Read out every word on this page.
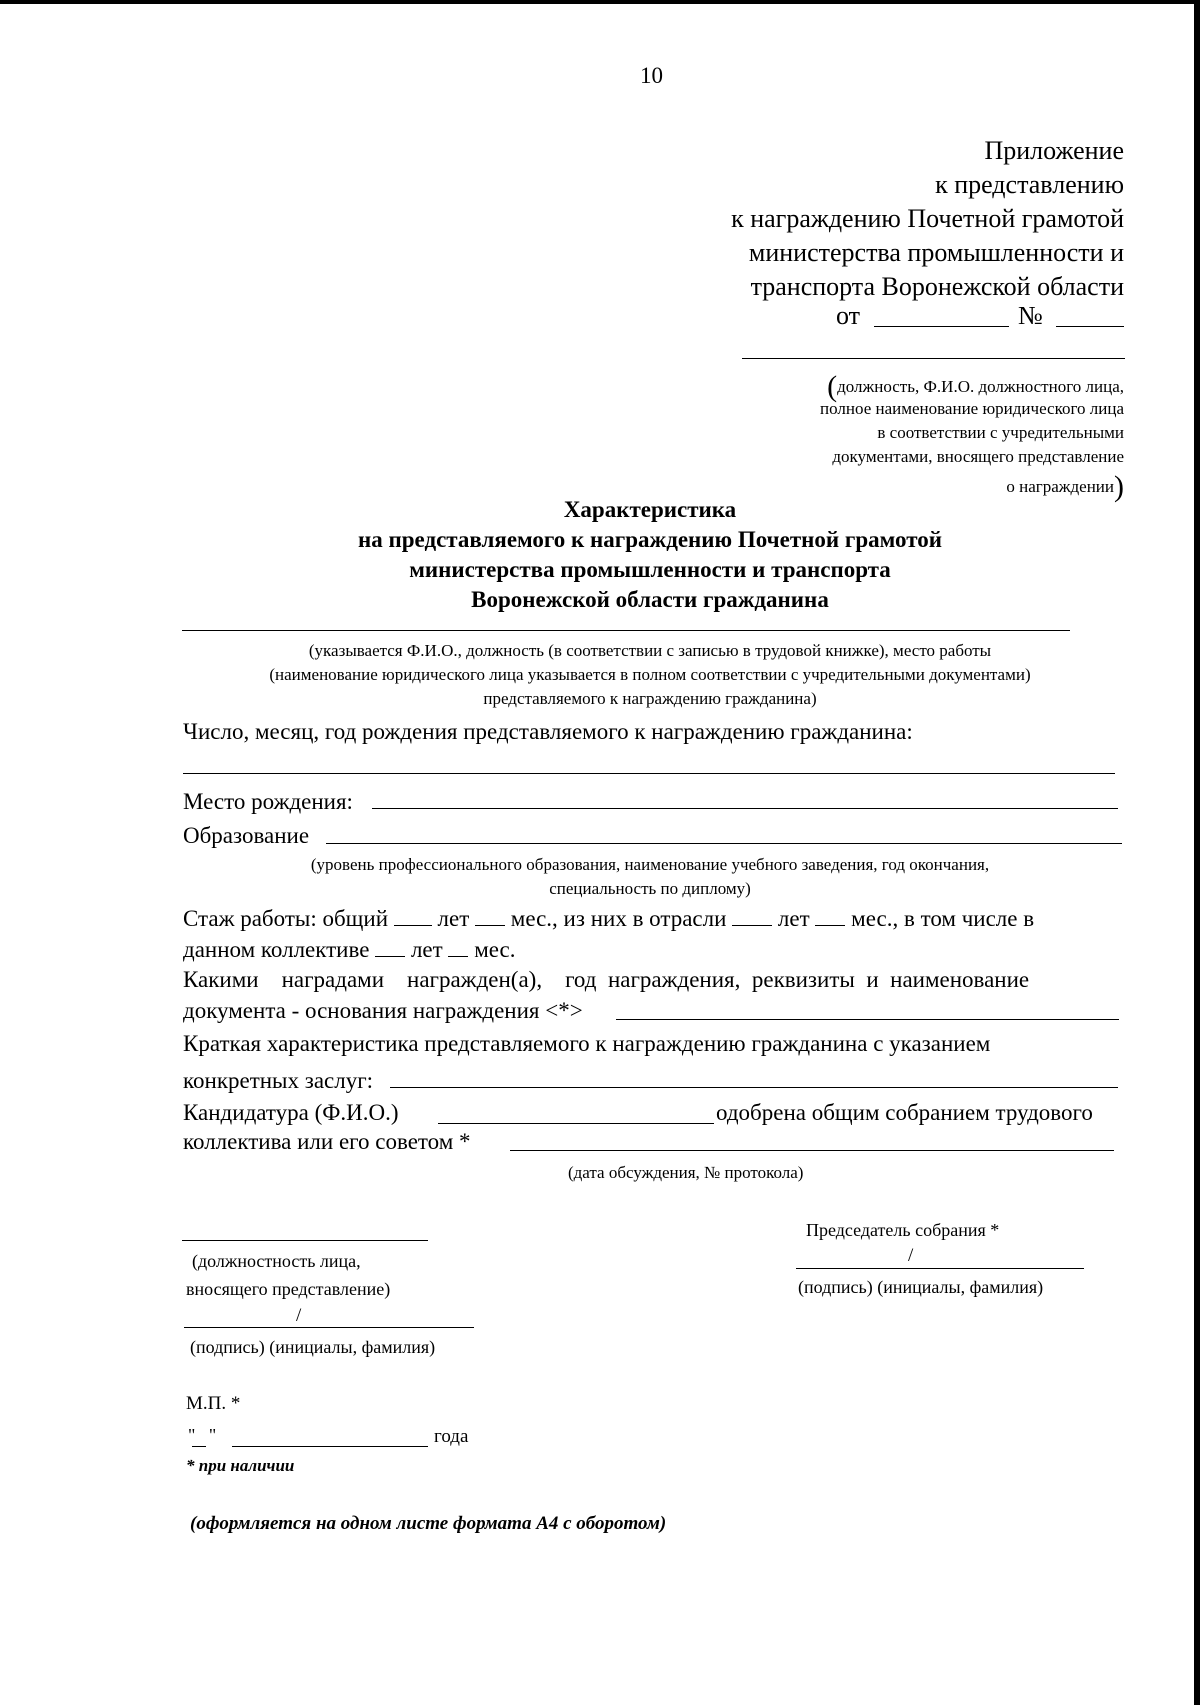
10
Приложение
к представлению
к награждению Почетной грамотой
министерства промышленности и
транспорта Воронежской области
от	№
(должность, Ф.И.О. должностного лица,
полное наименование юридического лица
в соответствии с учредительными
документами, вносящего представление
о награждении)
Характеристика
на представляемого к награждению Почетной грамотой
министерства промышленности и транспорта
Воронежской области гражданина
(указывается Ф.И.О., должность (в соответствии с записью в трудовой книжке), место работы
(наименование юридического лица указывается в полном соответствии с учредительными документами)
представляемого к награждению гражданина)
Число, месяц, год рождения представляемого к награждению гражданина:
Место рождения:
Образование
(уровень профессионального образования, наименование учебного заведения, год окончания,
специальность по диплому)
Стаж работы: общий лет мес., из них в отрасли лет мес., в том числе в
данном коллективе лет мес.
Какими    наградами    награжден(а),    год  награждения,  реквизиты  и  наименование
документа - основания награждения <*>
Краткая характеристика представляемого к награждению гражданина с указанием
конкретных заслуг:
Кандидатура (Ф.И.О.)	одобрена общим собранием трудового
коллектива или его советом *
(дата обсуждения, № протокола)
Председатель собрания *
/
(подпись) (инициалы, фамилия)
(должностность лица,
вносящего представление)
/
(подпись) (инициалы, фамилия)
М.П. *
"   "	года
* при наличии
(оформляется на одном листе формата А4 с оборотом)
